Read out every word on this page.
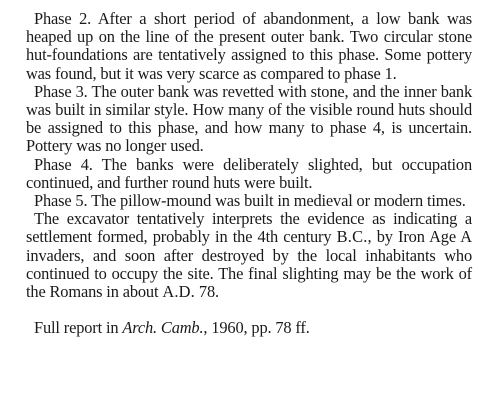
Phase 2. After a short period of abandonment, a low bank was heaped up on the line of the present outer bank. Two circular stone hut-foundations are tentatively assigned to this phase. Some pottery was found, but it was very scarce as compared to phase 1.

Phase 3. The outer bank was revetted with stone, and the inner bank was built in similar style. How many of the visible round huts should be assigned to this phase, and how many to phase 4, is uncertain. Pottery was no longer used.

Phase 4. The banks were deliberately slighted, but occupation continued, and further round huts were built.

Phase 5. The pillow-mound was built in medieval or modern times.

The excavator tentatively interprets the evidence as indicating a settlement formed, probably in the 4th century B.C., by Iron Age A invaders, and soon after destroyed by the local inhabitants who continued to occupy the site. The final slighting may be the work of the Romans in about A.D. 78.

Full report in Arch. Camb., 1960, pp. 78 ff.
